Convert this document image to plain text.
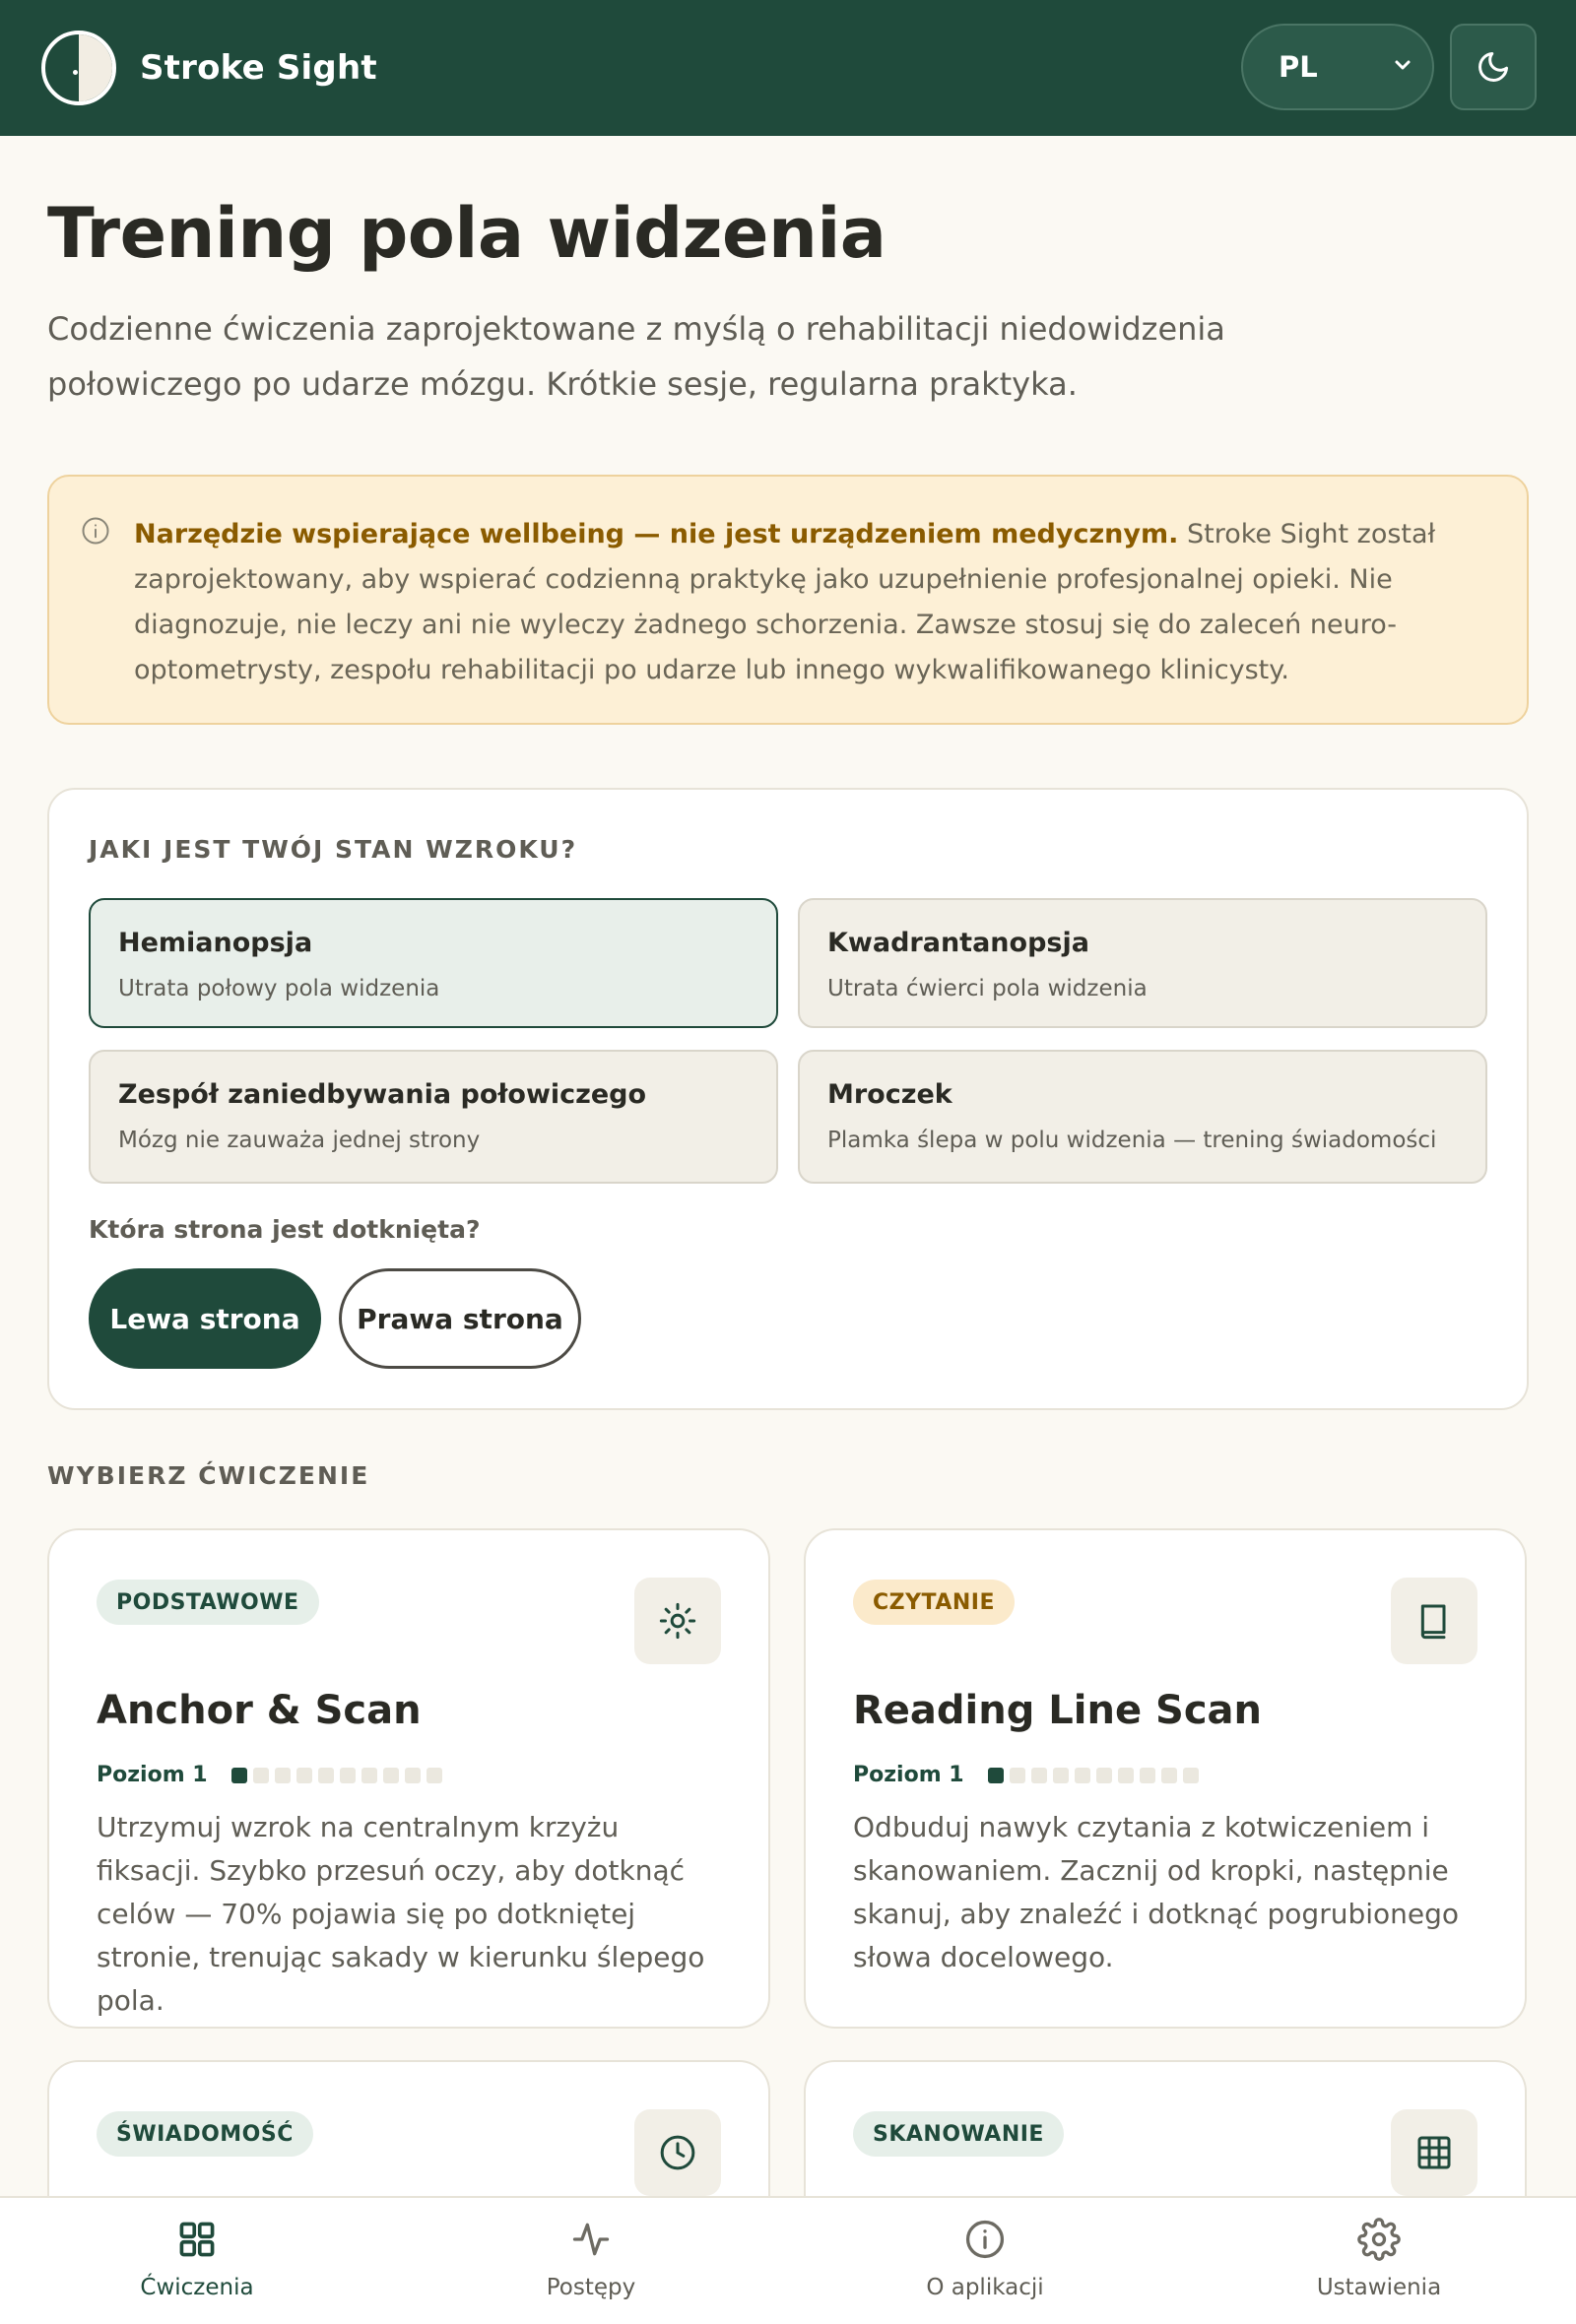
Stroke Sight	PL
Trening pola widzenia
Codzienne ćwiczenia zaprojektowane z myślą o rehabilitacji niedowidzenia połowiczego po udarze mózgu. Krótkie sesje, regularna praktyka.

Narzędzie wspierające wellbeing — nie jest urządzeniem medycznym. Stroke Sight został zaprojektowany, aby wspierać codzienną praktykę jako uzupełnienie profesjonalnej opieki. Nie diagnozuje, nie leczy ani nie wyleczy żadnego schorzenia. Zawsze stosuj się do zaleceń neuro-optometrysty, zespołu rehabilitacji po udarze lub innego wykwalifikowanego klinicysty.

JAKI JEST TWÓJ STAN WZROKU?
Hemianopsja
Utrata połowy pola widzenia
Kwadrantanopsja
Utrata ćwierci pola widzenia
Zespół zaniedbywania połowiczego
Mózg nie zauważa jednej strony
Mroczek
Plamka ślepa w polu widzenia — trening świadomości
Która strona jest dotknięta?
Lewa strona	Prawa strona
WYBIERZ ĆWICZENIE
PODSTAWOWE
Anchor & Scan
Poziom 1
Utrzymuj wzrok na centralnym krzyżu fiksacji. Szybko przesuń oczy, aby dotknąć celów — 70% pojawia się po dotkniętej stronie, trenując sakady w kierunku ślepego pola.
CZYTANIE
Reading Line Scan
Poziom 1
Odbuduj nawyk czytania z kotwiczeniem i skanowaniem. Zacznij od kropki, następnie skanuj, aby znaleźć i dotknąć pogrubionego słowa docelowego.
ŚWIADOMOŚĆ	SKANOWANIE
Ćwiczenia	Postępy	O aplikacji	Ustawienia
